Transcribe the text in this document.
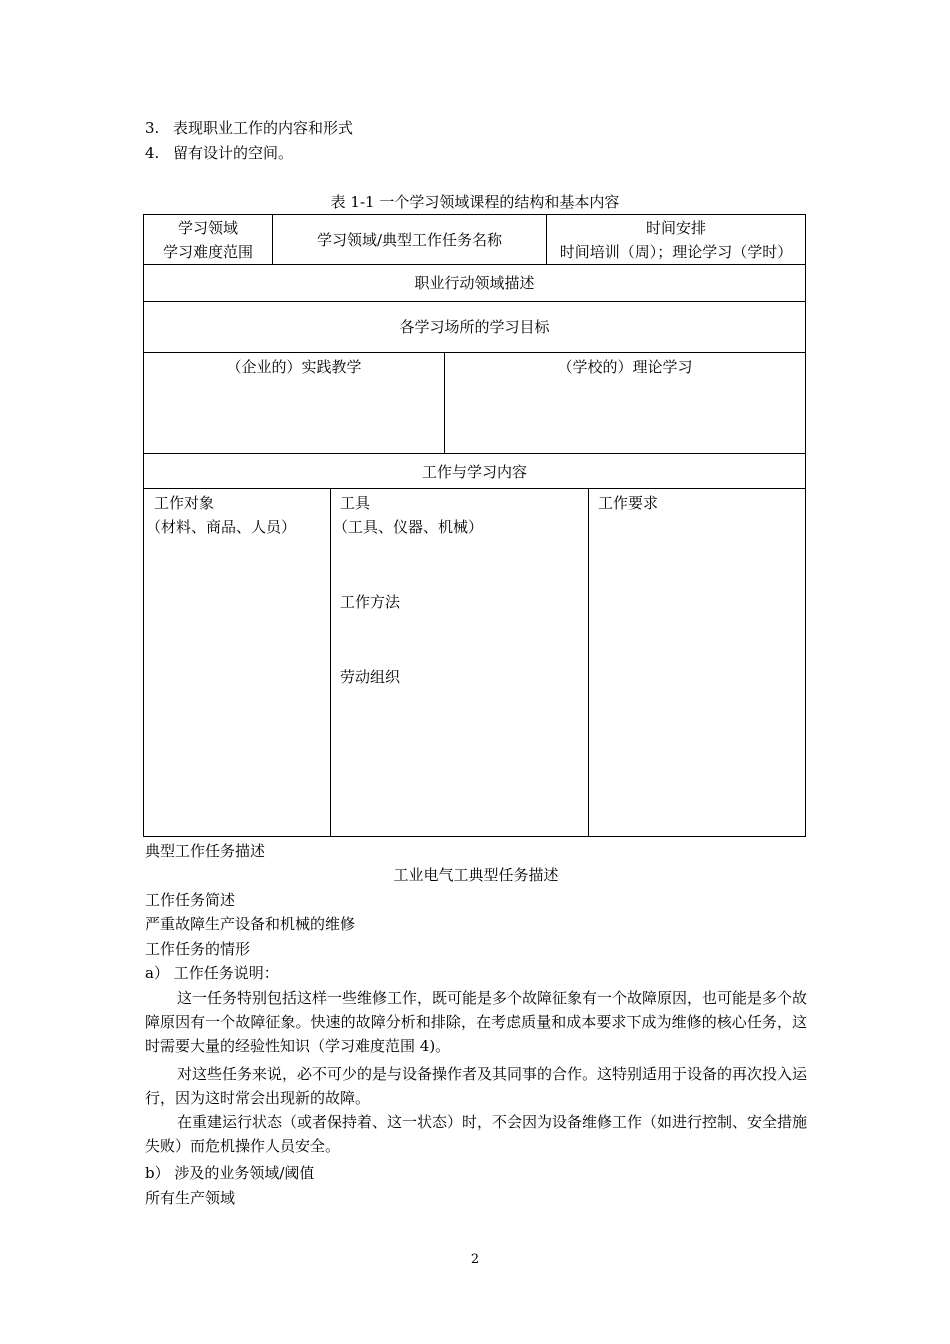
3. 表现职业工作的内容和形式
4. 留有设计的空间。
表 1-1 一个学习领域课程的结构和基本内容
学习领域
学习难度范围
学习领域/典型工作任务名称
时间安排
时间培训（周）；理论学习（学时）
职业行动领域描述
各学习场所的学习目标
（企业的）实践教学	（学校的）理论学习
工作与学习内容
工作对象
（材料、商品、人员）
工具
（工具、仪器、机械）
工作方法
劳动组织
工作要求
典型工作任务描述
工业电气工典型任务描述
工作任务简述
严重故障生产设备和机械的维修
工作任务的情形
a） 工作任务说明：
这一任务特别包括这样一些维修工作，既可能是多个故障征象有一个故障原因，也可能是多个故障原因有一个故障征象。快速的故障分析和排除，在考虑质量和成本要求下成为维修的核心任务，这时需要大量的经验性知识（学习难度范围 4)。
对这些任务来说，必不可少的是与设备操作者及其同事的合作。这特别适用于设备的再次投入运行，因为这时常会出现新的故障。
在重建运行状态（或者保持着、这一状态）时，不会因为设备维修工作（如进行控制、安全措施失败）而危机操作人员安全。
b） 涉及的业务领域/阈值
所有生产领域
2
